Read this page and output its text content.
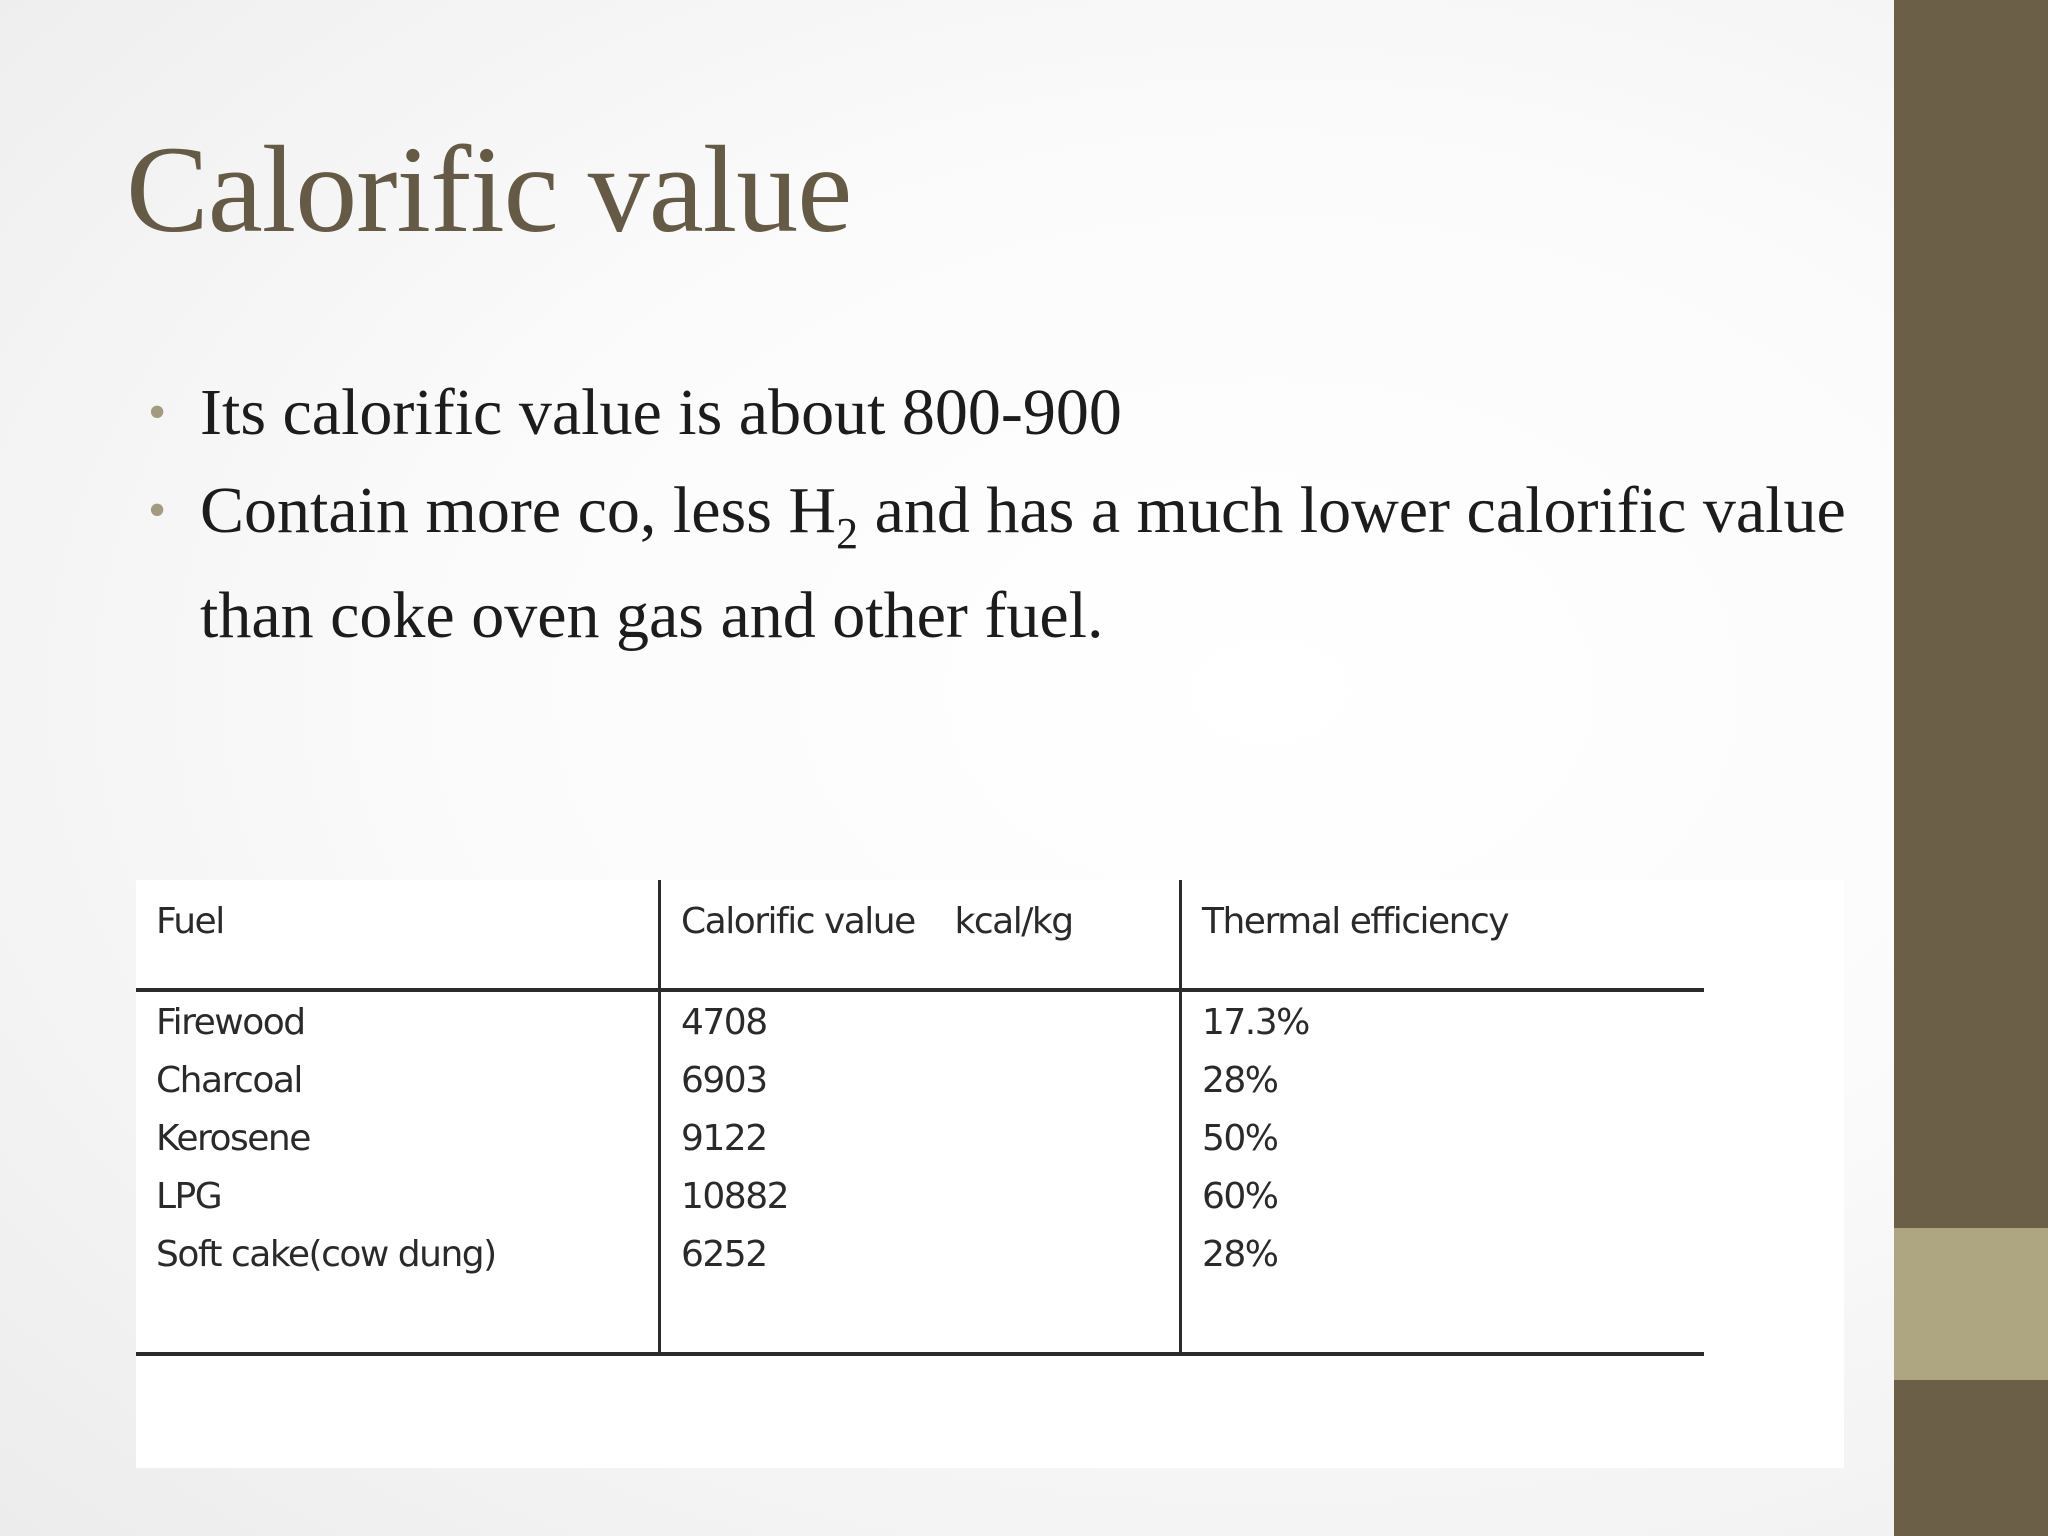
Calorific value
• Its calorific value is about 800-900
• Contain more co, less $H_2$ and has a much lower calorific value than coke oven gas and other fuel.
Fuel	Calorific value    kcal/kg	Thermal efficiency
Firewood	4708	17.3%
Charcoal	6903	28%
Kerosene	9122	50%
LPG	10882	60%
Soft cake(cow dung)	6252	28%
